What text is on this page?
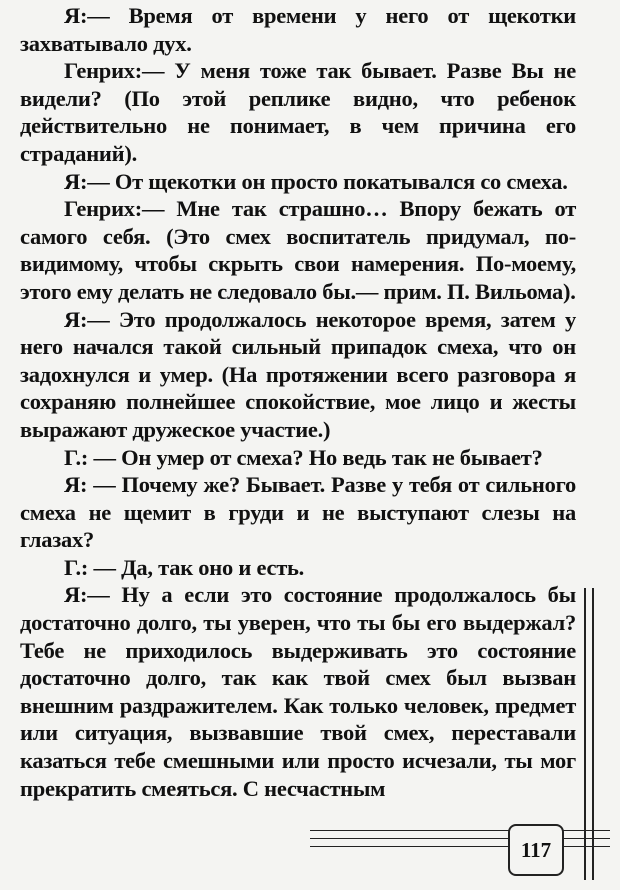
Я:— Время от времени у него от щекотки захватывало дух.

Генрих:— У меня тоже так бывает. Разве Вы не видели? (По этой реплике видно, что ребенок действительно не понимает, в чем причина его страданий).

Я:— От щекотки он просто покатывался со смеха.

Генрих:— Мне так страшно… Впору бежать от самого себя. (Это смех воспитатель придумал, по-видимому, чтобы скрыть свои намерения. По-моему, этого ему делать не следовало бы.— прим. П. Вильома).

Я:— Это продолжалось некоторое время, затем у него начался такой сильный припадок смеха, что он задохнулся и умер. (На протяжении всего разговора я сохраняю полнейшее спокойствие, мое лицо и жесты выражают дружеское участие.)

Г.: — Он умер от смеха? Но ведь так не бывает?

Я: — Почему же? Бывает. Разве у тебя от сильного смеха не щемит в груди и не выступают слезы на глазах?

Г.: — Да, так оно и есть.

Я:— Ну а если это состояние продолжалось бы достаточно долго, ты уверен, что ты бы его выдержал? Тебе не приходилось выдерживать это состояние достаточно долго, так как твой смех был вызван внешним раздражителем. Как только человек, предмет или ситуация, вызвавшие твой смех, переставали казаться тебе смешными или просто исчезали, ты мог прекратить смеяться. С несчастным

117
